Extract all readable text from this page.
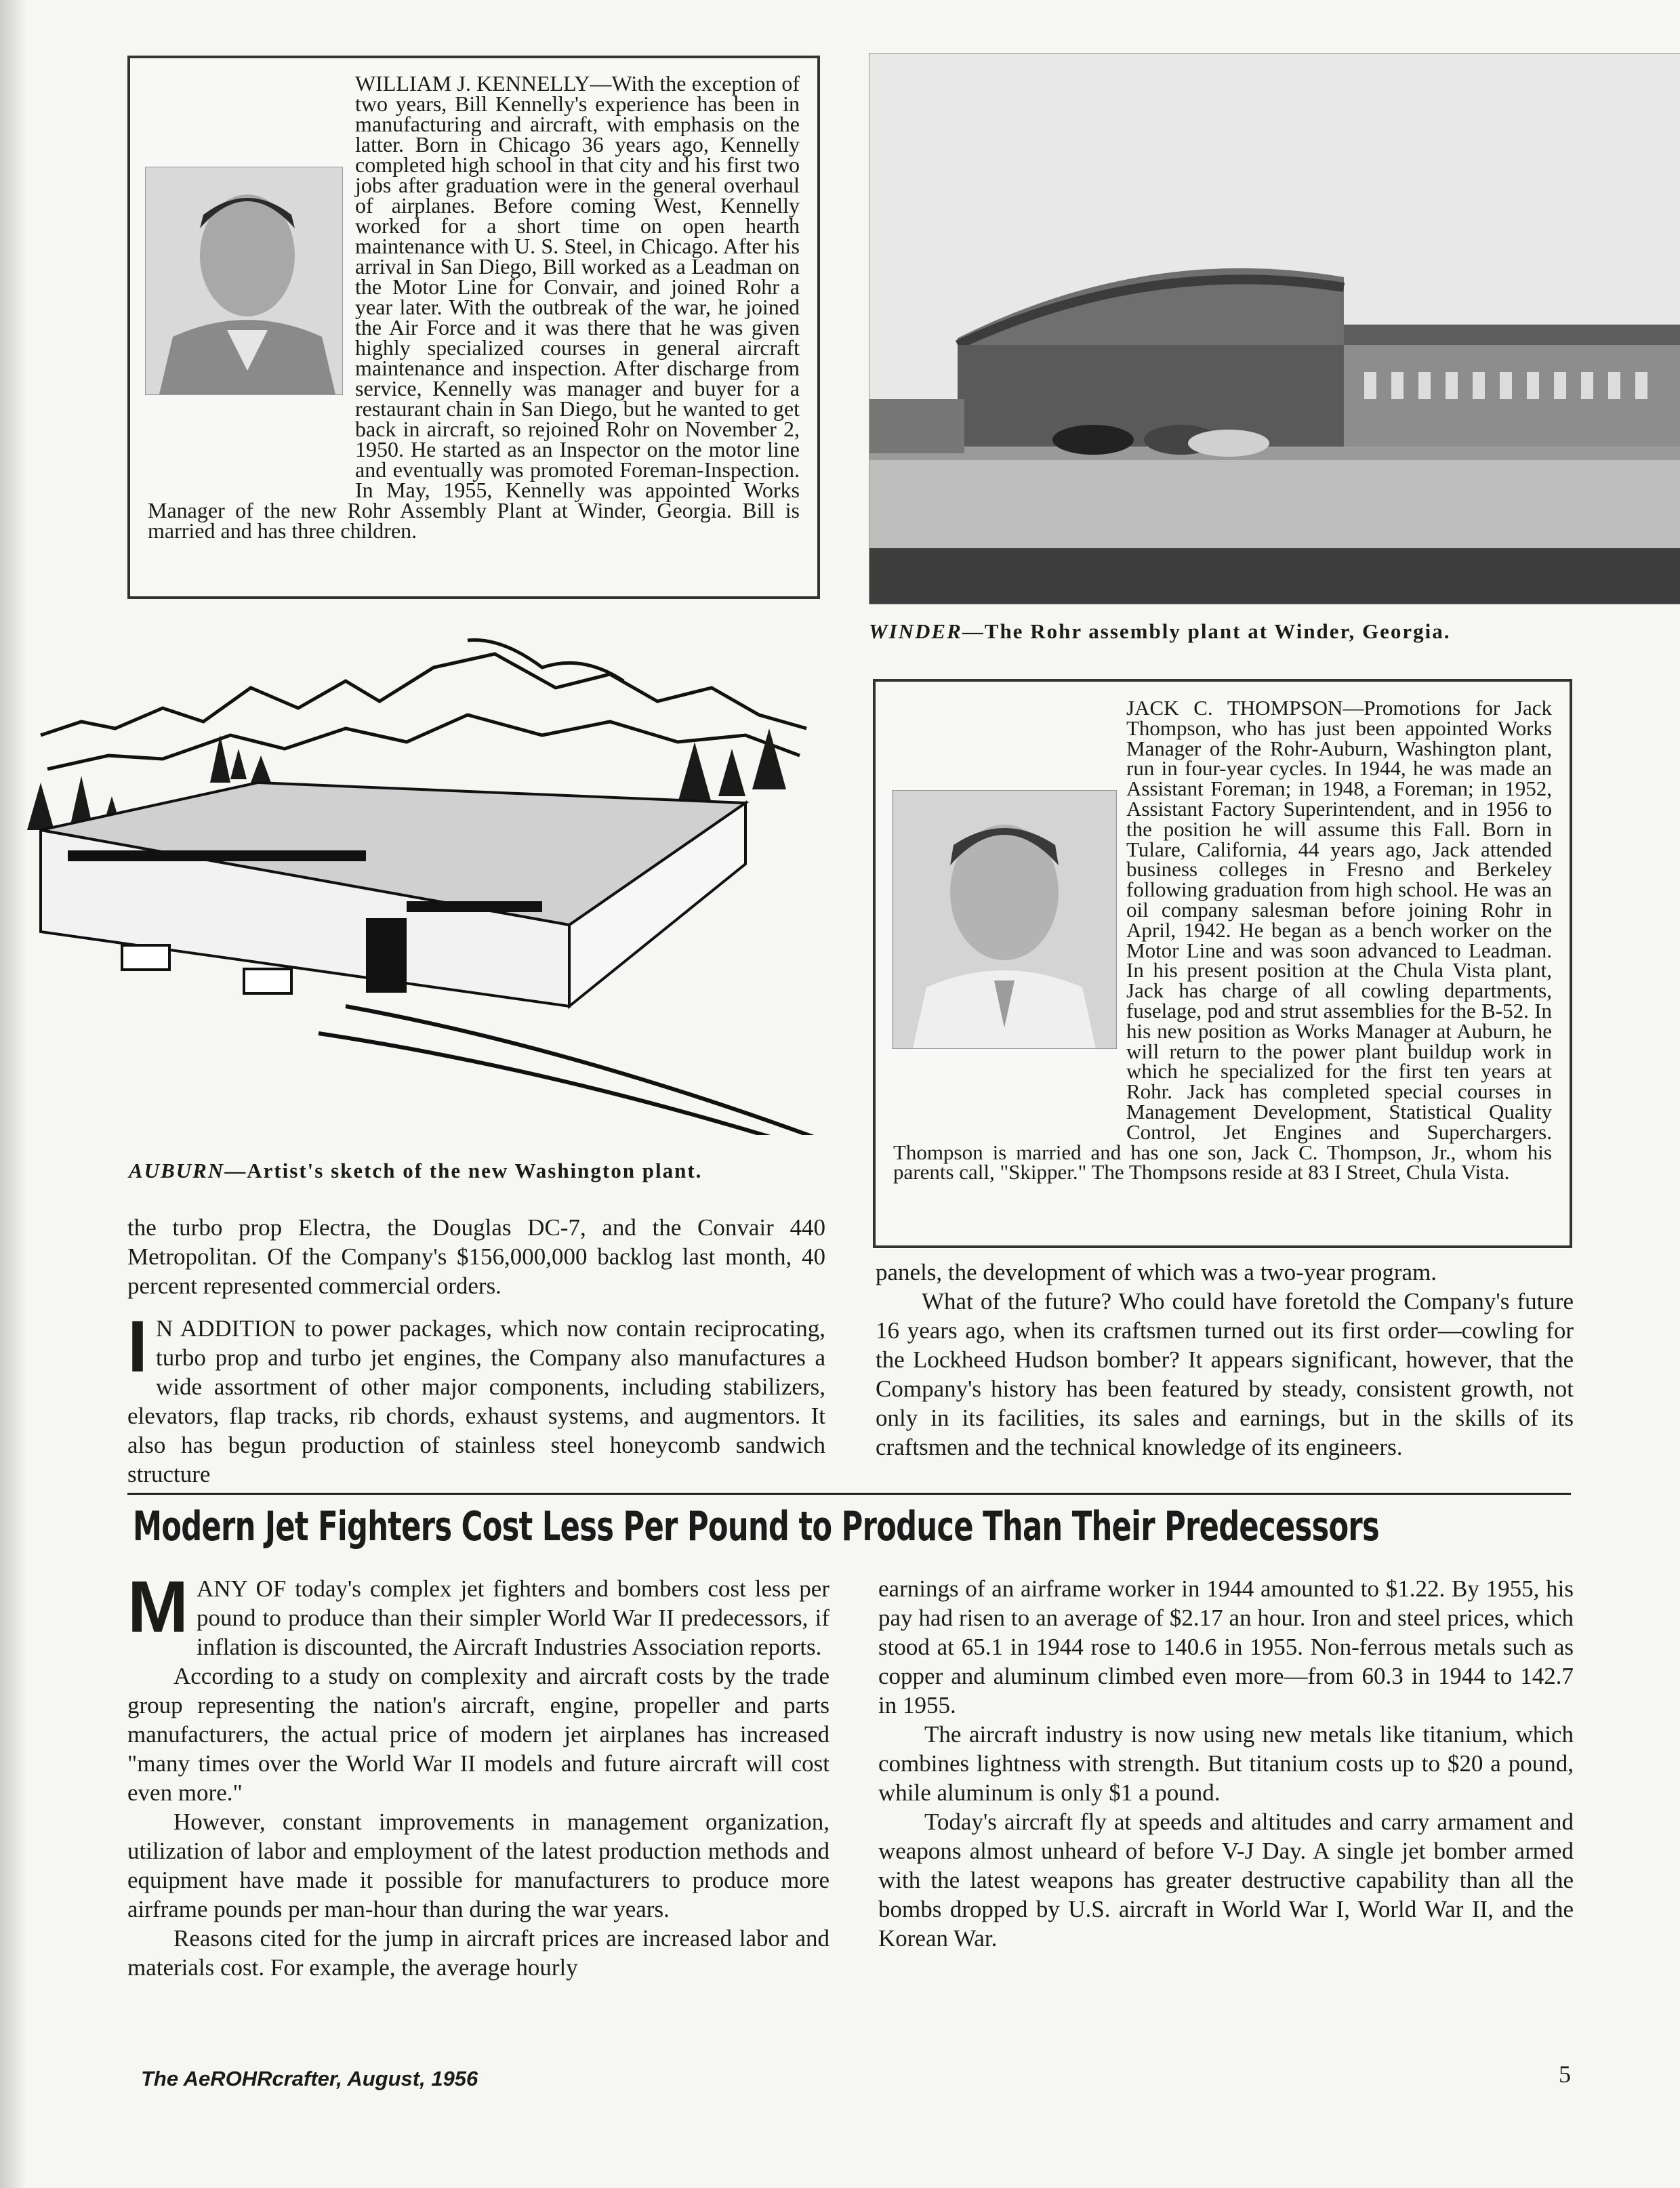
WILLIAM J. KENNELLY—With the exception of two years, Bill Kennelly's experience has been in manufacturing and aircraft, with emphasis on the latter. Born in Chicago 36 years ago, Kennelly completed high school in that city and his first two jobs after graduation were in the general overhaul of airplanes. Before coming West, Kennelly worked for a short time on open hearth maintenance with U. S. Steel, in Chicago. After his arrival in San Diego, Bill worked as a Leadman on the Motor Line for Convair, and joined Rohr a year later. With the outbreak of the war, he joined the Air Force and it was there that he was given highly specialized courses in general aircraft maintenance and inspection. After discharge from service, Kennelly was manager and buyer for a restaurant chain in San Diego, but he wanted to get back in aircraft, so rejoined Rohr on November 2, 1950. He started as an Inspector on the motor line and eventually was promoted Foreman-Inspection. In May, 1955, Kennelly was appointed Works Manager of the new Rohr Assembly Plant at Winder, Georgia. Bill is married and has three children.

WINDER—The Rohr assembly plant at Winder, Georgia.
AUBURN—Artist's sketch of the new Washington plant.

JACK C. THOMPSON—Promotions for Jack Thompson, who has just been appointed Works Manager of the Rohr-Auburn, Washington plant, run in four-year cycles. In 1944, he was made an Assistant Foreman; in 1948, a Foreman; in 1952, Assistant Factory Superintendent, and in 1956 to the position he will assume this Fall. Born in Tulare, California, 44 years ago, Jack attended business colleges in Fresno and Berkeley following graduation from high school. He was an oil company salesman before joining Rohr in April, 1942. He began as a bench worker on the Motor Line and was soon advanced to Leadman. In his present position at the Chula Vista plant, Jack has charge of all cowling departments, fuselage, pod and strut assemblies for the B-52. In his new position as Works Manager at Auburn, he will return to the power plant buildup work in which he specialized for the first ten years at Rohr. Jack has completed special courses in Management Development, Statistical Quality Control, Jet Engines and Superchargers. Thompson is married and has one son, Jack C. Thompson, Jr., whom his parents call, "Skipper." The Thompsons reside at 83 I Street, Chula Vista.

the turbo prop Electra, the Douglas DC-7, and the Convair 440 Metropolitan. Of the Company's $156,000,000 backlog last month, 40 percent represented commercial orders.

I N ADDITION to power packages, which now contain reciprocating, turbo prop and turbo jet engines, the Company also manufactures a wide assortment of other major components, including stabilizers, elevators, flap tracks, rib chords, exhaust systems, and augmentors. It also has begun production of stainless steel honeycomb sandwich structure

panels, the development of which was a two-year program.

What of the future? Who could have foretold the Company's future 16 years ago, when its craftsmen turned out its first order—cowling for the Lockheed Hudson bomber? It appears significant, however, that the Company's history has been featured by steady, consistent growth, not only in its facilities, its sales and earnings, but in the skills of its craftsmen and the technical knowledge of its engineers.

Modern Jet Fighters Cost Less Per Pound to Produce Than Their Predecessors

MANY OF today's complex jet fighters and bombers cost less per pound to produce than their simpler World War II predecessors, if inflation is discounted, the Aircraft Industries Association reports.

According to a study on complexity and aircraft costs by the trade group representing the nation's aircraft, engine, propeller and parts manufacturers, the actual price of modern jet airplanes has increased "many times over the World War II models and future aircraft will cost even more."

However, constant improvements in management organization, utilization of labor and employment of the latest production methods and equipment have made it possible for manufacturers to produce more airframe pounds per man-hour than during the war years.

Reasons cited for the jump in aircraft prices are increased labor and materials cost. For example, the average hourly

earnings of an airframe worker in 1944 amounted to $1.22. By 1955, his pay had risen to an average of $2.17 an hour. Iron and steel prices, which stood at 65.1 in 1944 rose to 140.6 in 1955. Non-ferrous metals such as copper and aluminum climbed even more—from 60.3 in 1944 to 142.7 in 1955.

The aircraft industry is now using new metals like titanium, which combines lightness with strength. But titanium costs up to $20 a pound, while aluminum is only $1 a pound.

Today's aircraft fly at speeds and altitudes and carry armament and weapons almost unheard of before V-J Day. A single jet bomber armed with the latest weapons has greater destructive capability than all the bombs dropped by U.S. aircraft in World War I, World War II, and the Korean War.

The AeROHRcrafter, August, 1956	5
